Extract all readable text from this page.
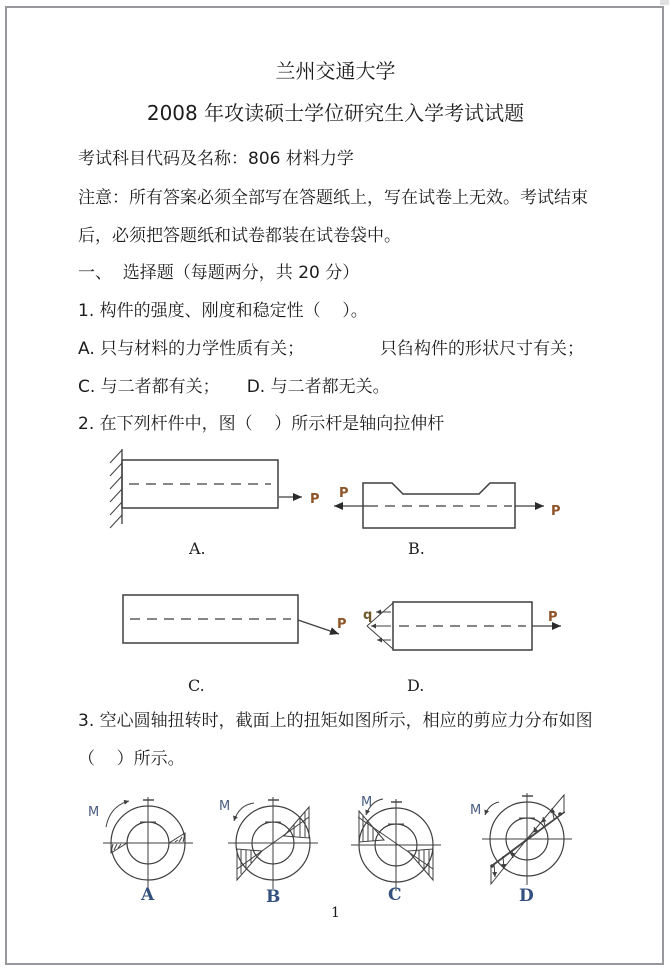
兰州交通大学
2008 年攻读硕士学位研究生入学考试试题
考试科目代码及名称：806 材料力学
注意：所有答案必须全部写在答题纸上，写在试卷上无效。考试结束
后，必须把答题纸和试卷都装在试卷袋中。
一、  选择题（每题两分，共 20 分）
1. 构件的强度、刚度和稳定性（    ）。
A. 只与材料的力学性质有关；	只臽构件的形状尺寸有关；
C. 与二者都有关；     D. 与二者都无关。
2. 在下列杆件中，图（    ）所示杆是轴向拉伸杆
3. 空心圆轴扭转时，截面上的扭矩如图所示，相应的剪应力分布如图
（    ）所示。
P
A.
P
P
B.
P
C.
q	P
D.
M
A
M
B
M
C
M
D
1
